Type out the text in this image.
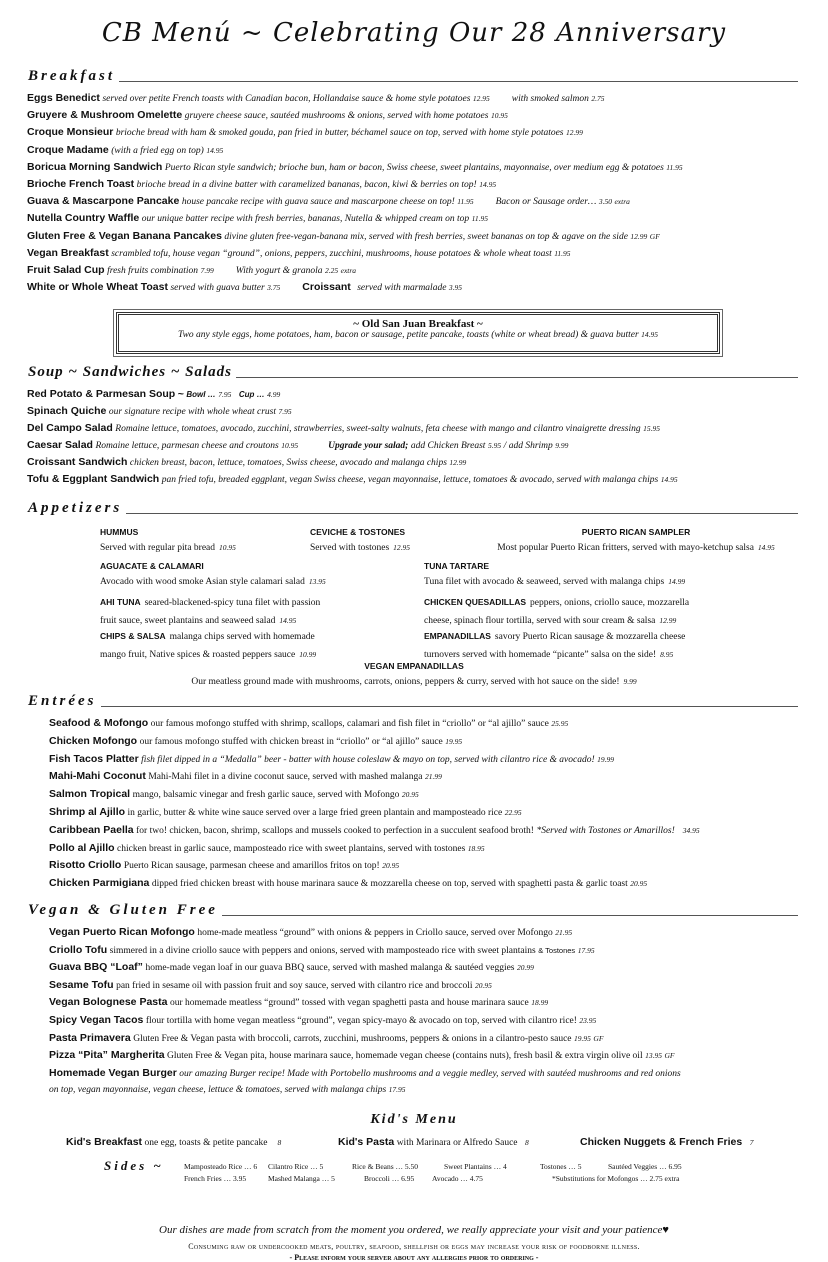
CB Menú ~ Celebrating Our 28 Anniversary
Breakfast
Eggs Benedict served over petite French toasts with Canadian bacon, Hollandaise sauce & home style potatoes 12.95 with smoked salmon 2.75
Gruyere & Mushroom Omelette gruyere cheese sauce, sautéed mushrooms & onions, served with home potatoes 10.95
Croque Monsieur brioche bread with ham & smoked gouda, pan fried in butter, béchamel sauce on top, served with home style potatoes 12.99
Croque Madame (with a fried egg on top) 14.95
Boricua Morning Sandwich Puerto Rican style sandwich; brioche bun, ham or bacon, Swiss cheese, sweet plantains, mayonnaise, over medium egg & potatoes 11.95
Brioche French Toast brioche bread in a divine batter with caramelized bananas, bacon, kiwi & berries on top! 14.95
Guava & Mascarpone Pancake house pancake recipe with guava sauce and mascarpone cheese on top! 11.95 Bacon or Sausage order… 3.50 extra
Nutella Country Waffle our unique batter recipe with fresh berries, bananas, Nutella & whipped cream on top 11.95
Gluten Free & Vegan Banana Pancakes divine gluten free-vegan-banana mix, served with fresh berries, sweet bananas on top & agave on the side 12.99 GF
Vegan Breakfast scrambled tofu, house vegan “ground”, onions, peppers, zucchini, mushrooms, house potatoes & whole wheat toast 11.95
Fruit Salad Cup fresh fruits combination 7.99 With yogurt & granola 2.25 extra
White or Whole Wheat Toast served with guava butter 3.75 Croissant served with marmalade 3.95
~ Old San Juan Breakfast ~
Two any style eggs, home potatoes, ham, bacon or sausage, petite pancake, toasts (white or wheat bread) & guava butter 14.95
Soup ~ Sandwiches ~ Salads
Red Potato & Parmesan Soup ~ Bowl … 7.95 Cup … 4.99
Spinach Quiche our signature recipe with whole wheat crust 7.95
Del Campo Salad Romaine lettuce, tomatoes, avocado, zucchini, strawberries, sweet-salty walnuts, feta cheese with mango and cilantro vinaigrette dressing 15.95
Caesar Salad Romaine lettuce, parmesan cheese and croutons 10.95	Upgrade your salad; add Chicken Breast 5.95 / add Shrimp 9.99
Croissant Sandwich chicken breast, bacon, lettuce, tomatoes, Swiss cheese, avocado and malanga chips 12.99
Tofu & Eggplant Sandwich pan fried tofu, breaded eggplant, vegan Swiss cheese, vegan mayonnaise, lettuce, tomatoes & avocado, served with malanga chips 14.95
Appetizers
HUMMUS
Served with regular pita bread 10.95
CEVICHE & TOSTONES
Served with tostones 12.95
PUERTO RICAN SAMPLER
Most popular Puerto Rican fritters, served with mayo-ketchup salsa 14.95
AGUACATE & CALAMARI
Avocado with wood smoke Asian style calamari salad 13.95
TUNA TARTARE
Tuna filet with avocado & seaweed, served with malanga chips 14.99
AHI TUNA seared-blackened-spicy tuna filet with passion
fruit sauce, sweet plantains and seaweed salad 14.95
CHICKEN QUESADILLAS peppers, onions, criollo sauce, mozzarella
cheese, spinach flour tortilla, served with sour cream & salsa 12.99
CHIPS & SALSA malanga chips served with homemade
mango fruit, Native spices & roasted peppers sauce 10.99
EMPANADILLAS savory Puerto Rican sausage & mozzarella cheese
turnovers served with homemade “picante” salsa on the side! 8.95
VEGAN EMPANADILLAS
Our meatless ground made with mushrooms, carrots, onions, peppers & curry, served with hot sauce on the side! 9.99
Entrées
Seafood & Mofongo our famous mofongo stuffed with shrimp, scallops, calamari and fish filet in “criollo” or “al ajillo” sauce 25.95
Chicken Mofongo our famous mofongo stuffed with chicken breast in “criollo” or “al ajillo” sauce 19.95
Fish Tacos Platter fish filet dipped in a “Medalla” beer - batter with house coleslaw & mayo on top, served with cilantro rice & avocado! 19.99
Mahi-Mahi Coconut Mahi-Mahi filet in a divine coconut sauce, served with mashed malanga 21.99
Salmon Tropical mango, balsamic vinegar and fresh garlic sauce, served with Mofongo 20.95
Shrimp al Ajillo in garlic, butter & white wine sauce served over a large fried green plantain and mamposteado rice 22.95
Caribbean Paella for two! chicken, bacon, shrimp, scallops and mussels cooked to perfection in a succulent seafood broth! *Served with Tostones or Amarillos! 34.95
Pollo al Ajillo chicken breast in garlic sauce, mamposteado rice with sweet plantains, served with tostones 18.95
Risotto Criollo Puerto Rican sausage, parmesan cheese and amarillos fritos on top! 20.95
Chicken Parmigiana dipped fried chicken breast with house marinara sauce & mozzarella cheese on top, served with spaghetti pasta & garlic toast 20.95
Vegan & Gluten Free
Vegan Puerto Rican Mofongo home-made meatless “ground” with onions & peppers in Criollo sauce, served over Mofongo 21.95
Criollo Tofu simmered in a divine criollo sauce with peppers and onions, served with mamposteado rice with sweet plantains & Tostones 17.95
Guava BBQ “Loaf” home-made vegan loaf in our guava BBQ sauce, served with mashed malanga & sautéed veggies 20.99
Sesame Tofu pan fried in sesame oil with passion fruit and soy sauce, served with cilantro rice and broccoli 20.95
Vegan Bolognese Pasta our homemade meatless “ground” tossed with vegan spaghetti pasta and house marinara sauce 18.99
Spicy Vegan Tacos flour tortilla with home vegan meatless “ground”, vegan spicy-mayo & avocado on top, served with cilantro rice! 23.95
Pasta Primavera Gluten Free & Vegan pasta with broccoli, carrots, zucchini, mushrooms, peppers & onions in a cilantro-pesto sauce 19.95 GF
Pizza “Pita” Margherita Gluten Free & Vegan pita, house marinara sauce, homemade vegan cheese (contains nuts), fresh basil & extra virgin olive oil 13.95 GF
Homemade Vegan Burger our amazing Burger recipe! Made with Portobello mushrooms and a veggie medley, served with sautéed mushrooms and red onions
on top, vegan mayonnaise, vegan cheese, lettuce & tomatoes, served with malanga chips 17.95
Kid's Menu
Kid's Breakfast one egg, toasts & petite pancake 8	Kid's Pasta with Marinara or Alfredo Sauce 8	Chicken Nuggets & French Fries 7
Sides ~	Mamposteado Rice … 6 Cilantro Rice … 5	Rice & Beans … 5.50	Sweet Plantains … 4	Tostones … 5	Sautéed Veggies … 6.95
French Fries … 3.95	Mashed Malanga … 5	Broccoli … 6.95 Avocado … 4.75	*Substitutions for Mofongos … 2.75 extra
Our dishes are made from scratch from the moment you ordered, we really appreciate your visit and your patience♥
Consuming raw or undercooked meats, poultry, seafood, shellfish or eggs may increase your risk of foodborne illness.
- Please inform your server about any allergies prior to ordering -
